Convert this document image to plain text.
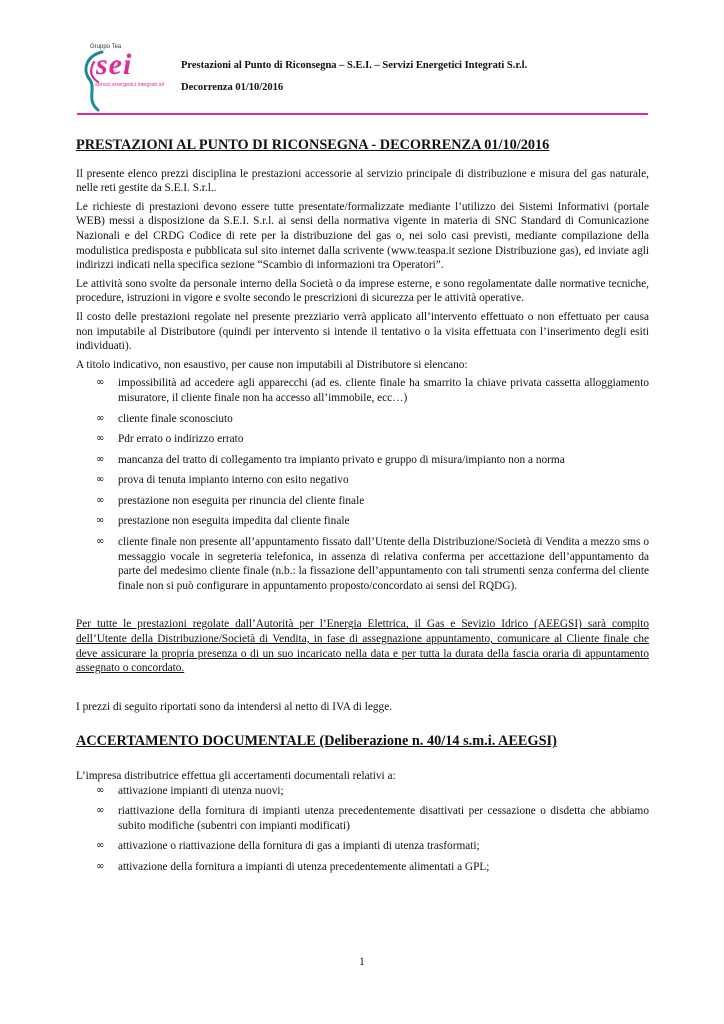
Gruppo Tea
sei
servizi energetici integrati srl
Prestazioni al Punto di Riconsegna – S.E.I. – Servizi Energetici Integrati S.r.l.
Decorrenza 01/10/2016
PRESTAZIONI AL PUNTO DI RICONSEGNA - DECORRENZA 01/10/2016

Il presente elenco prezzi disciplina le prestazioni accessorie al servizio principale di distribuzione e misura del gas naturale, nelle reti gestite da S.E.I. S.r.l..

Le richieste di prestazioni devono essere tutte presentate/formalizzate mediante l’utilizzo dei Sistemi Informativi (portale WEB) messi a disposizione da S.E.I. S.r.l. ai sensi della normativa vigente in materia di SNC Standard di Comunicazione Nazionali e del CRDG Codice di rete per la distribuzione del gas o, nei solo casi previsti, mediante compilazione della modulistica predisposta e pubblicata sul sito internet dalla scrivente (www.teaspa.it sezione Distribuzione gas), ed inviate agli indirizzi indicati nella specifica sezione “Scambio di informazioni tra Operatori”.

Le attività sono svolte da personale interno della Società o da imprese esterne, e sono regolamentate dalle normative tecniche, procedure, istruzioni in vigore e svolte secondo le prescrizioni di sicurezza per le attività operative.

Il costo delle prestazioni regolate nel presente prezziario verrà applicato all’intervento effettuato o non effettuato per causa non imputabile al Distributore (quindi per intervento si intende il tentativo o la visita effettuata con l’inserimento degli esiti individuati).

A titolo indicativo, non esaustivo, per cause non imputabili al Distributore si elencano:

∞ impossibilità ad accedere agli apparecchi (ad es. cliente finale ha smarrito la chiave privata cassetta alloggiamento misuratore, il cliente finale non ha accesso all’immobile, ecc…)
∞ cliente finale sconosciuto
∞ Pdr errato o indirizzo errato
∞ mancanza del tratto di collegamento tra impianto privato e gruppo di misura/impianto non a norma
∞ prova di tenuta impianto interno con esito negativo
∞ prestazione non eseguita per rinuncia del cliente finale
∞ prestazione non eseguita impedita dal cliente finale
∞ cliente finale non presente all’appuntamento fissato dall’Utente della Distribuzione/Società di Vendita a mezzo sms o messaggio vocale in segreteria telefonica, in assenza di relativa conferma per accettazione dell’appuntamento da parte del medesimo cliente finale (n.b.: la fissazione dell’appuntamento con tali strumenti senza conferma del cliente finale non si può configurare in appuntamento proposto/concordato ai sensi del RQDG).

Per tutte le prestazioni regolate dall’Autorità per l’Energia Elettrica, il Gas e Sevizio Idrico (AEEGSI) sarà compito dell’Utente della Distribuzione/Società di Vendita, in fase di assegnazione appuntamento, comunicare al Cliente finale che deve assicurare la propria presenza o di un suo incaricato nella data e per tutta la durata della fascia oraria di appuntamento assegnato o concordato.

I prezzi di seguito riportati sono da intendersi al netto di IVA di legge.

ACCERTAMENTO DOCUMENTALE (Deliberazione n. 40/14 s.m.i. AEEGSI)

L’impresa distributrice effettua gli accertamenti documentali relativi a:

∞ attivazione impianti di utenza nuovi;
∞ riattivazione della fornitura di impianti utenza precedentemente disattivati per cessazione o disdetta che abbiamo subito modifiche (subentri con impianti modificati)
∞ attivazione o riattivazione della fornitura di gas a impianti di utenza trasformati;
∞ attivazione della fornitura a impianti di utenza precedentemente alimentati a GPL;
1
